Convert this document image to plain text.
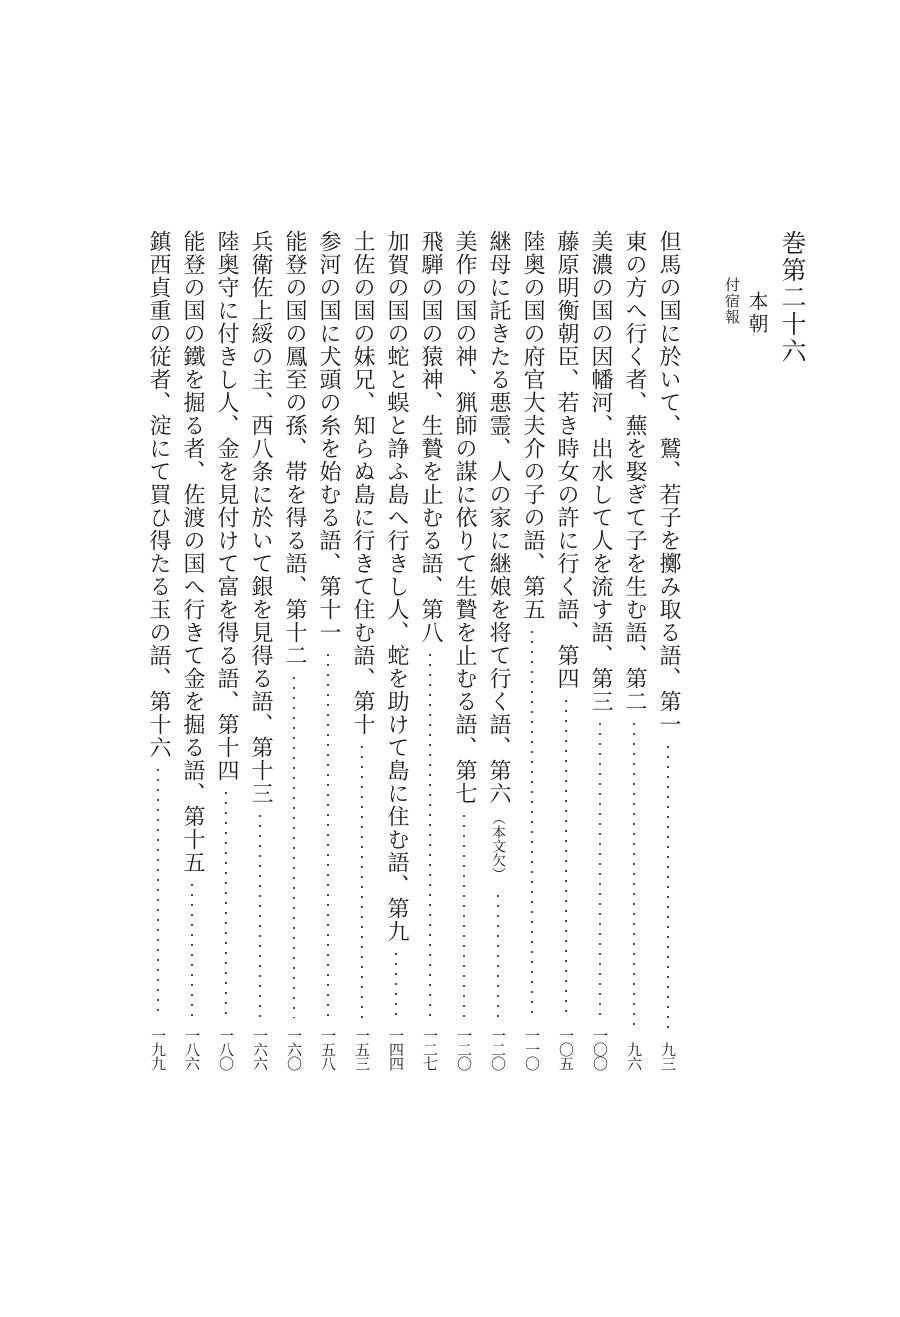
巻第二十六
本朝
付宿報
但馬の国に於いて、鷲、若子を擲み取る語、第一
九三
東の方へ行く者、蕪を娶ぎて子を生む語、第二
九六
美濃の国の因幡河、出水して人を流す語、第三
一〇〇
藤原明衡朝臣、若き時女の許に行く語、第四
一〇五
陸奥の国の府官大夫介の子の語、第五
一一〇
継母に託きたる悪霊、人の家に継娘を将て行く語、第六
（本文欠）
一二〇
美作の国の神、猟師の謀に依りて生贄を止むる語、第七
一二〇
飛騨の国の猿神、生贄を止むる語、第八
一二七
加賀の国の蛇と蜈と諍ふ島へ行きし人、蛇を助けて島に住む語、第九
一四四
土佐の国の妹兄、知らぬ島に行きて住む語、第十
一五三
参河の国に犬頭の糸を始むる語、第十一
一五八
能登の国の鳳至の孫、帯を得る語、第十二
一六〇
兵衛佐上綏の主、西八条に於いて銀を見得る語、第十三
一六六
陸奥守に付きし人、金を見付けて富を得る語、第十四
一八〇
能登の国の鐵を掘る者、佐渡の国へ行きて金を掘る語、第十五
一八六
鎮西貞重の従者、淀にて買ひ得たる玉の語、第十六
一九九
